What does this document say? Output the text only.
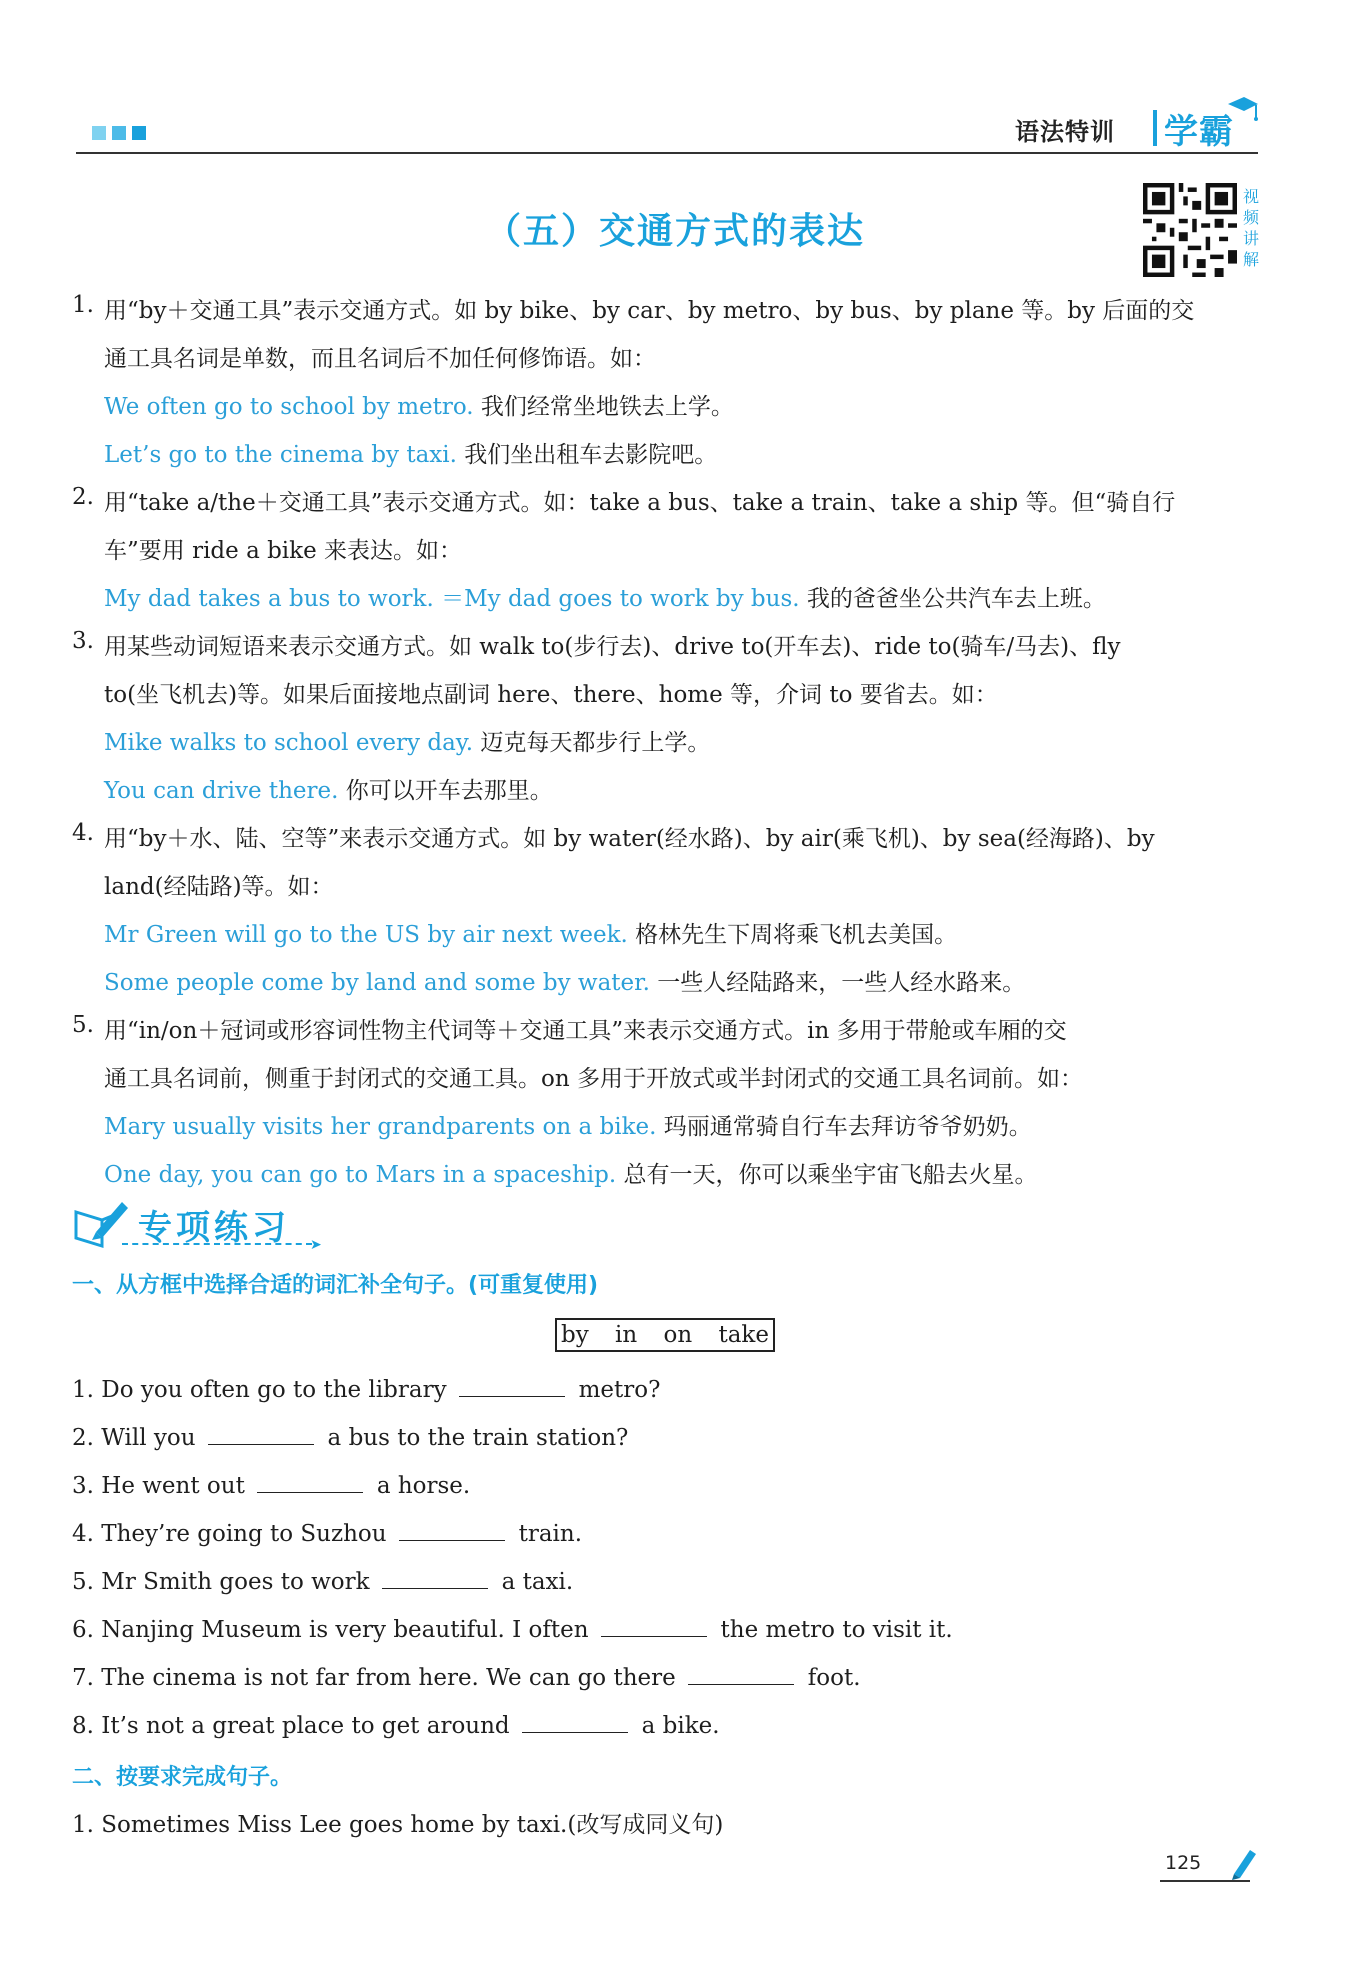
语法特训 学霸
（五）交通方式的表达
视频讲解
1. 用“by＋交通工具”表示交通方式。如 by bike、by car、by metro、by bus、by plane 等。by 后面的交
通工具名词是单数，而且名词后不加任何修饰语。如：
We often go to school by metro. 我们经常坐地铁去上学。
Let’s go to the cinema by taxi. 我们坐出租车去影院吧。
2. 用“take a/the＋交通工具”表示交通方式。如：take a bus、take a train、take a ship 等。但“骑自行
车”要用 ride a bike 来表达。如：
My dad takes a bus to work. ＝My dad goes to work by bus. 我的爸爸坐公共汽车去上班。
3. 用某些动词短语来表示交通方式。如 walk to(步行去)、drive to(开车去)、ride to(骑车/马去)、fly
to(坐飞机去)等。如果后面接地点副词 here、there、home 等，介词 to 要省去。如：
Mike walks to school every day. 迈克每天都步行上学。
You can drive there. 你可以开车去那里。
4. 用“by＋水、陆、空等”来表示交通方式。如 by water(经水路)、by air(乘飞机)、by sea(经海路)、by
land(经陆路)等。如：
Mr Green will go to the US by air next week. 格林先生下周将乘飞机去美国。
Some people come by land and some by water. 一些人经陆路来，一些人经水路来。
5. 用“in/on＋冠词或形容词性物主代词等＋交通工具”来表示交通方式。in 多用于带舱或车厢的交
通工具名词前，侧重于封闭式的交通工具。on 多用于开放式或半封闭式的交通工具名词前。如：
Mary usually visits her grandparents on a bike. 玛丽通常骑自行车去拜访爷爷奶奶。
One day, you can go to Mars in a spaceship. 总有一天，你可以乘坐宇宙飞船去火星。
专项练习 ➤
一、从方框中选择合适的词汇补全句子。(可重复使用)
by in on take
1. Do you often go to the library	metro?
2. Will you	a bus to the train station?
3. He went out	a horse.
4. They’re going to Suzhou	train.
5. Mr Smith goes to work	a taxi.
6. Nanjing Museum is very beautiful. I often	the metro to visit it.
7. The cinema is not far from here. We can go there	foot.
8. It’s not a great place to get around	a bike.
二、按要求完成句子。
1. Sometimes Miss Lee goes home by taxi.(改写成同义句)
125
